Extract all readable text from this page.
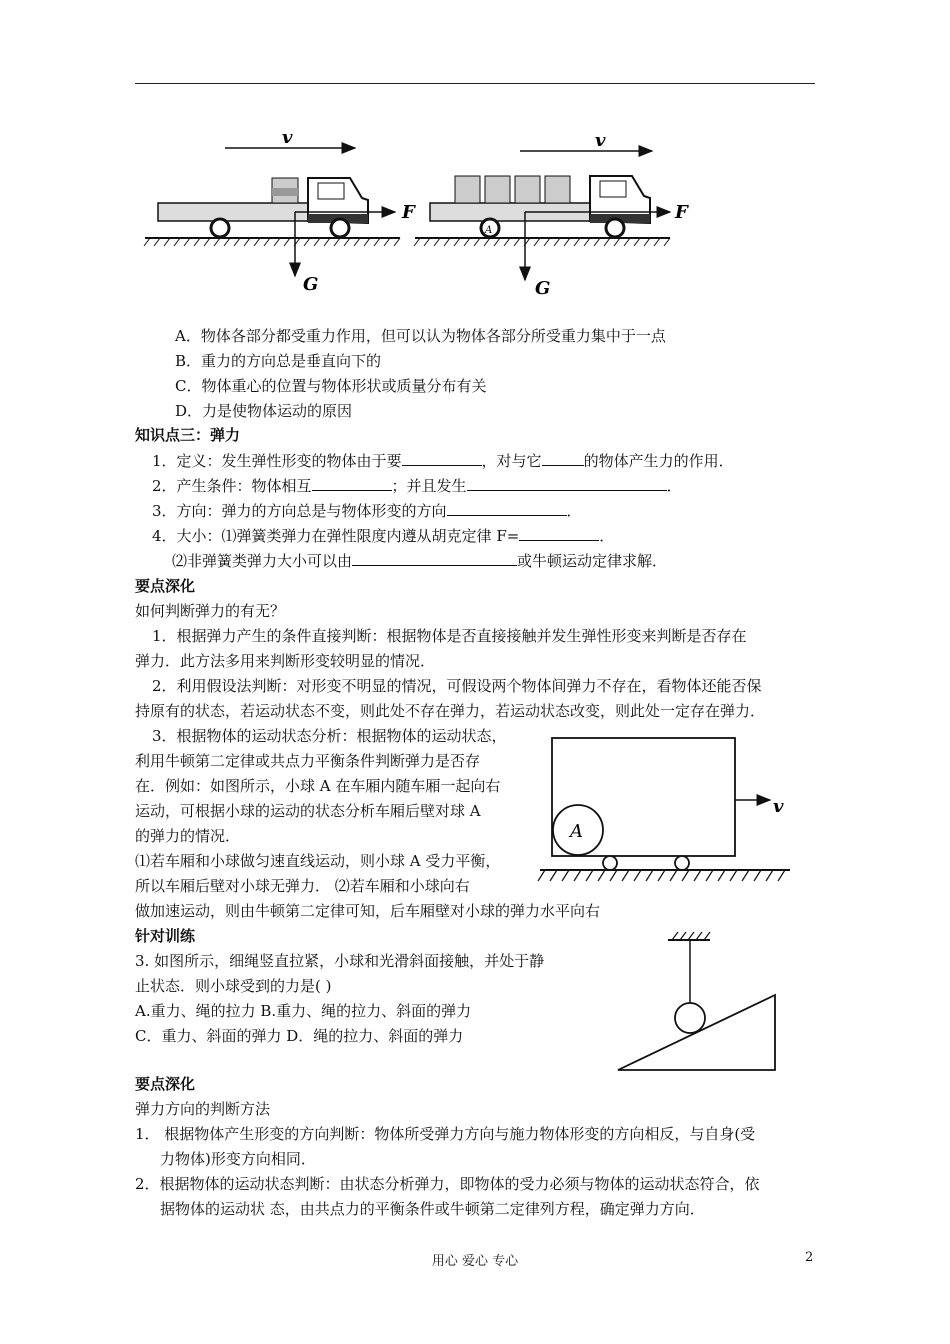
v
F
G
v
A
F
G
A．物体各部分都受重力作用，但可以认为物体各部分所受重力集中于一点
B．重力的方向总是垂直向下的
C．物体重心的位置与物体形状或质量分布有关
D．力是使物体运动的原因
知识点三：弹力
1．定义：发生弹性形变的物体由于要	，对与它	的物体产生力的作用．
2．产生条件：物体相互	；并且发生	．
3．方向：弹力的方向总是与物体形变的方向	．
4．大小：⑴弹簧类弹力在弹性限度内遵从胡克定律 F=	．
⑵非弹簧类弹力大小可以由	或牛顿运动定律求解．
要点深化
如何判断弹力的有无？
1．根据弹力产生的条件直接判断：根据物体是否直接接触并发生弹性形变来判断是否存在
弹力．此方法多用来判断形变较明显的情况．
2．利用假设法判断：对形变不明显的情况，可假设两个物体间弹力不存在，看物体还能否保
持原有的状态，若运动状态不变，则此处不存在弹力，若运动状态改变，则此处一定存在弹力．
3．根据物体的运动状态分析：根据物体的运动状态，
利用牛顿第二定律或共点力平衡条件判断弹力是否存
在．例如：如图所示，小球 A 在车厢内随车厢一起向右
运动，可根据小球的运动的状态分析车厢后壁对球 A
的弹力的情况．
⑴若车厢和小球做匀速直线运动，则小球 A 受力平衡，
所以车厢后壁对小球无弹力． ⑵若车厢和小球向右
做加速运动，则由牛顿第二定律可知，后车厢壁对小球的弹力水平向右
A
v
针对训练
3. 如图所示，细绳竖直拉紧，小球和光滑斜面接触，并处于静
止状态．则小球受到的力是( )
A.重力、绳的拉力 B.重力、绳的拉力、斜面的弹力
C．重力、斜面的弹力 D．绳的拉力、斜面的弹力
要点深化
弹力方向的判断方法
1． 根据物体产生形变的方向判断：物体所受弹力方向与施力物体形变的方向相反，与自身(受
力物体)形变方向相同．
2．根据物体的运动状态判断：由状态分析弹力，即物体的受力必须与物体的运动状态符合，依
据物体的运动状 态，由共点力的平衡条件或牛顿第二定律列方程，确定弹力方向．
用心 爱心 专心	2
